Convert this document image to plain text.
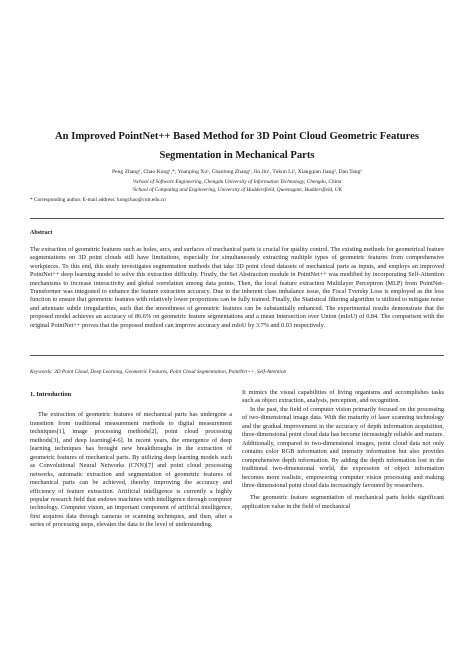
An Improved PointNet++ Based Method for 3D Point Cloud Geometric Features
Segmentation in Mechanical Parts
Peng Zhang¹, Chao Kong¹,*, Yuanping Xu¹, Chaolong Zhang¹, Jin Jin¹, Tukun Li², Xiangqian Jiang², Dan Tang¹
¹School of Software Engineering, Chengdu University of Information Technology, Chengdu, China
²School of Computing and Engineering, University of Huddersfield, Queensgate, Huddersfield, UK
* Corresponding author. E-mail address: kongchao@cuit.edu.cn
Abstract

The extraction of geometric features such as holes, arcs, and surfaces of mechanical parts is crucial for quality control. The existing methods for geometrical feature segmentations on 3D point clouds still have limitations, especially for simultaneously extracting multiple types of geometric features from comprehensive workpieces. To this end, this study investigates segmentation methods that take 3D point cloud datasets of mechanical parts as inputs, and employs an improved PointNet++ deep learning model to solve this extraction difficulty. Firstly, the Set Abstraction module in PointNet++ was modified by incorporating Self-Attention mechanisms to increase interactivity and global correlation among data points. Then, the local feature extraction Multilayer Perceptron (MLP) from PointNet-Transformer was integrated to enhance the feature extraction accuracy. Due to the inherent class imbalance issue, the Focal Tversky Loss is employed as the loss function to ensure that geometric features with relatively lower proportions can be fully trained. Finally, the Statistical filtering algorithm is utilized to mitigate noise and attenuate subtle irregularities, such that the smoothness of geometric features can be substantially enhanced. The experimental results demonstrate that the proposed model achieves an accuracy of 86.6% on geometric feature segmentations and a mean Intersection over Union (mIoU) of 0.84. The comparison with the original PointNet++ proves that the proposed method can improve accuracy and mIoU by 3.7% and 0.03 respectively.

Keywords: 3D Point Cloud, Deep Learning, Geometric Features, Point Cloud Segmentation, PointNet++, Self-Attention
1. Introduction

The extraction of geometric features of mechanical parts has undergone a transition from traditional measurement methods to digital measurement techniques[1], image processing methods[2], point cloud processing methods[3], and deep learning[4-6]. In recent years, the emergence of deep learning techniques has brought new breakthroughs in the extraction of geometric features of mechanical parts. By utilizing deep learning models such as Convolutional Neural Networks (CNN)[7] and point cloud processing networks, automatic extraction and segmentation of geometric features of mechanical parts can be achieved, thereby improving the accuracy and efficiency of feature extraction. Artificial intelligence is currently a highly popular research field that endows machines with intelligence through computer technology. Computer vision, an important component of artificial intelligence, first acquires data through cameras or scanning techniques, and then, after a series of processing steps, elevates the data to the level of understanding.

It mimics the visual capabilities of living organisms and accomplishes tasks such as object extraction, analysis, perception, and recognition.

In the past, the field of computer vision primarily focused on the processing of two-dimensional image data. With the maturity of laser scanning technology and the gradual improvement in the accuracy of depth information acquisition, three-dimensional point cloud data has become increasingly reliable and mature. Additionally, compared to two-dimensional images, point cloud data not only contains color RGB information and intensity information but also provides comprehensive depth information. By adding the depth information lost in the traditional two-dimensional world, the expression of object information becomes more realistic, empowering computer vision processing and making three-dimensional point cloud data increasingly favoured by researchers.

The geometric feature segmentation of mechanical parts holds significant application value in the field of mechanical
